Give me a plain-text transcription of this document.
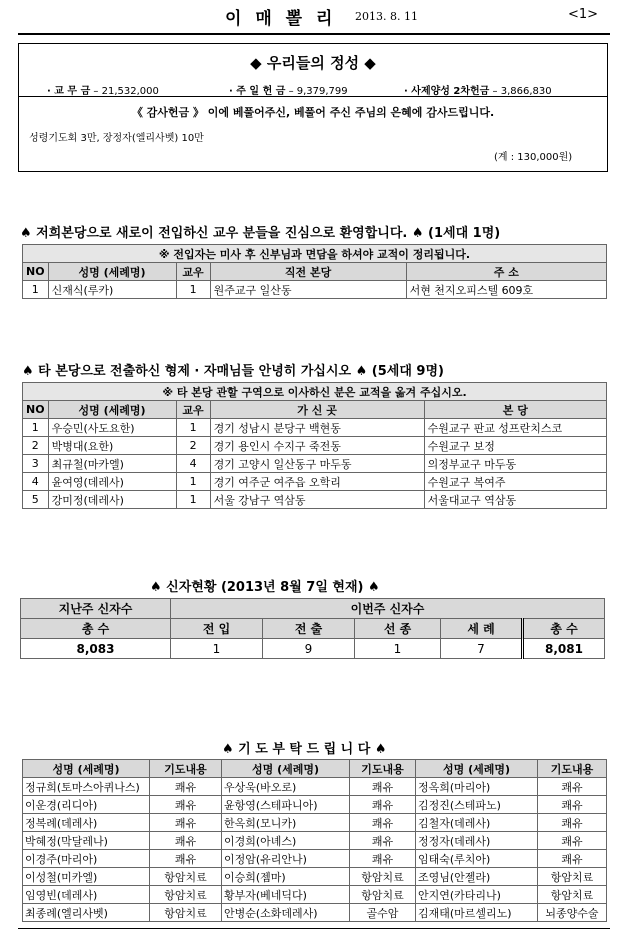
이 매 뽈 리 2013. 8. 11	<1>
◆ 우리들의 정성 ◆
· 교 무 금 – 21,532,000	· 주 일 헌 금 – 9,379,799	· 사제양성 2차헌금 – 3,866,830
《 감사헌금 》 이에 베풀어주신, 베풀어 주신 주님의 은혜에 감사드립니다.
성령기도회 3만, 장정자(엘리사벳) 10만
(계 : 130,000원)
♠ 저희본당으로 새로이 전입하신 교우 분들을 진심으로 환영합니다. ♠ (1세대 1명)
※ 전입자는 미사 후 신부님과 면담을 하셔야 교적이 정리됩니다.				
NO	성명 (세례명)	교우	직전 본당	주 소
1	신재식(루카)	1	원주교구 일산동	서현 천지오피스텔 609호
♠ 타 본당으로 전출하신 형제 · 자매님들 안녕히 가십시오 ♠ (5세대 9명)
※ 타 본당 관할 구역으로 이사하신 분은 교적을 옮겨 주십시오.				
NO	성명 (세례명)	교우	가 신 곳	본 당
1	우승민(사도요한)	1	경기 성남시 분당구 백현동	수원교구 판교 성프란치스코
2	박병대(요한)	2	경기 용인시 수지구 죽전동	수원교구 보정
3	최규철(마카엘)	4	경기 고양시 일산동구 마두동	의정부교구 마두동
4	윤여영(데레사)	1	경기 여주군 여주읍 오학리	수원교구 복여주
5	강미정(데레사)	1	서울 강남구 역삼동	서울대교구 역삼동
♠ 신자현황 (2013년 8월 7일 현재) ♠
지난주 신자수	이번주 신자수				
총 수	전 입	전 출	선 종	세 례	총 수
8,083	1	9	1	7	8,081
♠ 기 도 부 탁 드 립 니 다 ♠
성명 (세례명)	기도내용	성명 (세례명)	기도내용	성명 (세례명)	기도내용
정규희(토마스아퀴나스)	쾌유	우상욱(바오로)	쾌유	정옥희(마리아)	쾌유
이운경(리디아)	쾌유	윤항영(스테파니아)	쾌유	김정진(스테파노)	쾌유
정복례(데레사)	쾌유	한옥희(모니카)	쾌유	김철자(데레사)	쾌유
박혜정(막달레나)	쾌유	이경희(아녜스)	쾌유	정정자(데레사)	쾌유
이경주(마리아)	쾌유	이정암(유리안나)	쾌유	임태숙(루치아)	쾌유
이성철(미카엘)	항암치료	이승희(젬마)	항암치료	조영님(안젤라)	항암치료
임영빈(데레사)	항암치료	황부자(베네딕다)	항암치료	안지연(카타리나)	항암치료
최종례(엘리사벳)	항암치료	안병순(소화데레사)	골수암	김재태(마르셀리노)	뇌종양수술
